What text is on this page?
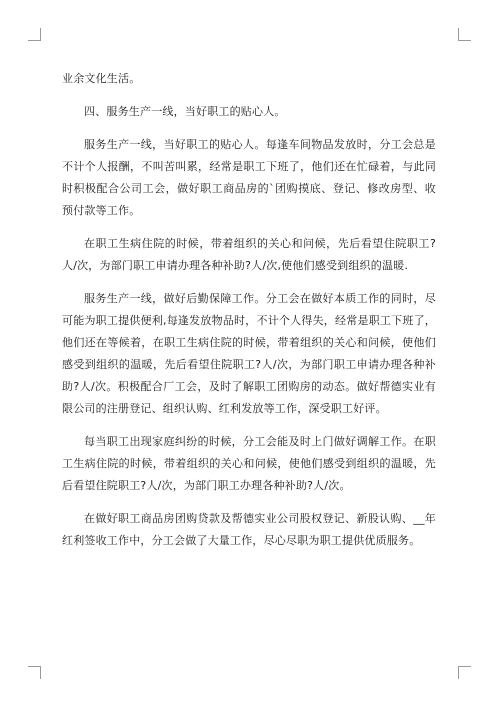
业余文化生活。

四、服务生产一线，当好职工的贴心人。

服务生产一线，当好职工的贴心人。每逢车间物品发放时，分工会总是不计个人报酬，不叫苦叫累，经常是职工下班了，他们还在忙碌着，与此同时积极配合公司工会，做好职工商品房的`团购摸底、登记、修改房型、收预付款等工作。

在职工生病住院的时候，带着组织的关心和问候，先后看望住院职工?人/次，为部门职工申请办理各种补助?人/次,使他们感受到组织的温暖.

服务生产一线，做好后勤保障工作。分工会在做好本质工作的同时，尽可能为职工提供便利,每逢发放物品时，不计个人得失，经常是职工下班了，他们还在等候着，在职工生病住院的时候，带着组织的关心和问候，使他们感受到组织的温暖，先后看望住院职工?人/次，为部门职工申请办理各种补助?人/次。积极配合厂工会，及时了解职工团购房的动态。做好帮德实业有限公司的注册登记、组织认购、红利发放等工作，深受职工好评。

每当职工出现家庭纠纷的时候，分工会能及时上门做好调解工作。在职工生病住院的时候，带着组织的关心和问候，使他们感受到组织的温暖，先后看望住院职工?人/次，为部门职工办理各种补助?人/次。

在做好职工商品房团购贷款及帮德实业公司股权登记、新股认购、__年红利签收工作中，分工会做了大量工作，尽心尽职为职工提供优质服务。
